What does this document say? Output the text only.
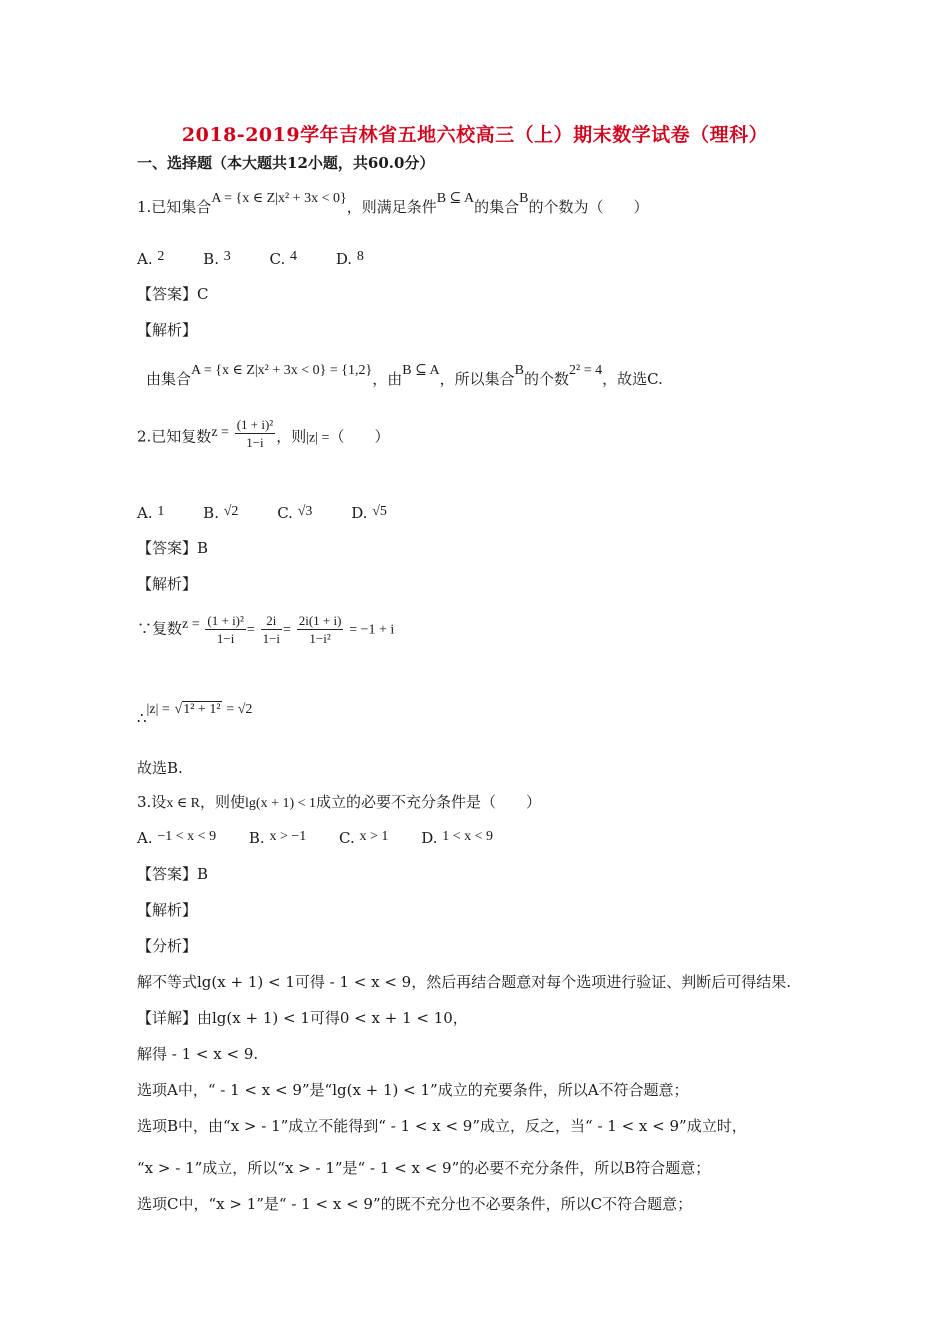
2018-2019学年吉林省五地六校高三（上）期末数学试卷（理科）
一、选择题（本大题共12小题，共60.0分）
1.已知集合A = {x ∈ Z|x² + 3x < 0}，则满足条件B ⊆ A的集合B的个数为（　　）
A. 2	B. 3	C. 4	D. 8
【答案】C
【解析】
由集合A = {x ∈ Z|x² + 3x < 0} = {1,2}，由B ⊆ A，所以集合B的个数2² = 4，故选C.
2.已知复数$z = \frac{\text{(1 + i)²}}{1-i}$ ，则|z| =（　　）
A. 1	B. √2	C. √3	D. √5
【答案】B
【解析】
∵复数$z = \frac{\text{(1 + i)²}}{1-i} = \frac{2i}{1-i} = \frac{2i(1 + i)}{\text{1−i²}} = -1 + i$
∴|z| = √1² + 1² = √2
故选B.
3.设x ∈ R，则使lg(x + 1) < 1成立的必要不充分条件是（　　）
A. −1 < x < 9 B. x > −1 C. x > 1 D. 1 < x < 9
【答案】B
【解析】
【分析】
解不等式lg(x + 1) < 1可得 - 1 < x < 9，然后再结合题意对每个选项进行验证、判断后可得结果.
【详解】由lg(x + 1) < 1可得0 < x + 1 < 10，
解得 - 1 < x < 9.
选项A中，“ - 1 < x < 9”是“lg(x + 1) < 1”成立的充要条件，所以A不符合题意；
选项B中，由“x > - 1”成立不能得到“ - 1 < x < 9”成立，反之，当“ - 1 < x < 9”成立时，
“x > - 1”成立，所以“x > - 1”是“ - 1 < x < 9”的必要不充分条件，所以B符合题意；
选项C中，“x > 1”是“ - 1 < x < 9”的既不充分也不必要条件，所以C不符合题意；
